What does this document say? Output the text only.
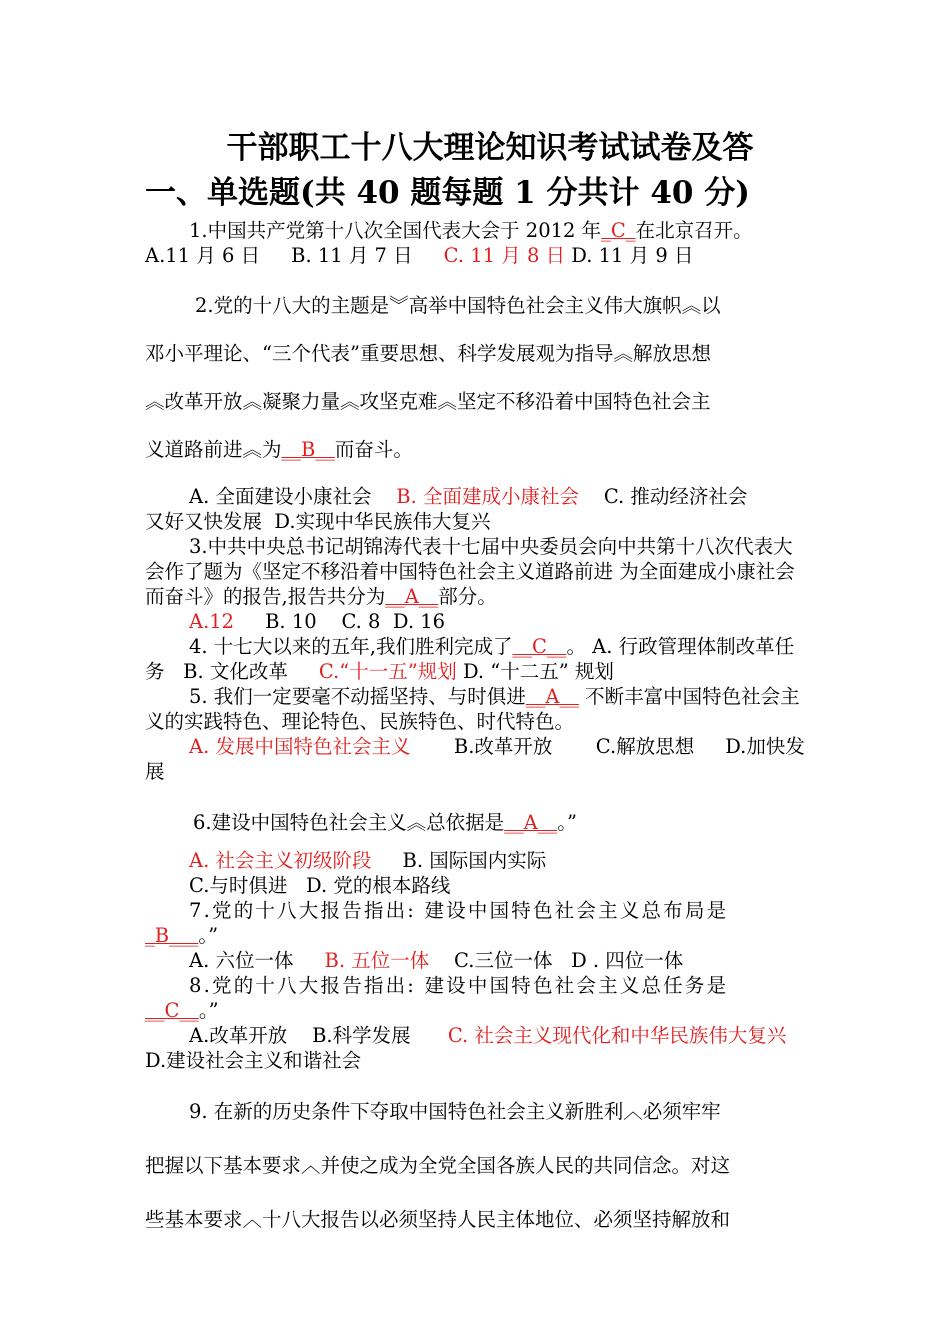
干部职工十八大理论知识考试试卷及答
一、单选题(共 40 题每题 1 分共计 40 分)

1.中国共产党第十八次全国代表大会于 2012 年_C_在北京召开。

A.11 月 6 日 B. 11 月 7 日 C. 11 月 8 日 D. 11 月 9 日

2.党的十八大的主题是︾高举中国特色社会主义伟大旗帜︽以

邓小平理论、“三个代表”重要思想、科学发展观为指导︽解放思想

︽改革开放︽凝聚力量︽攻坚克难︽坚定不移沿着中国特色社会主

义道路前进︽为__B__而奋斗。

A. 全面建设小康社会 B. 全面建成小康社会 C. 推动经济社会

又好又快发展 D.实现中华民族伟大复兴

3.中共中央总书记胡锦涛代表十七届中央委员会向中共第十八次代表大会作了题为《坚定不移沿着中国特色社会主义道路前进 为全面建成小康社会而奋斗》的报告,报告共分为__A__部分。

A.12 B. 10 C. 8 D. 16

4. 十七大以来的五年,我们胜利完成了__C__。 A. 行政管理体制改革任务 B. 文化改革 C.“十一五”规划 D. “十二五” 规划

5. 我们一定要毫不动摇坚持、与时俱进__A__ 不断丰富中国特色社会主义的实践特色、理论特色、民族特色、时代特色。

A. 发展中国特色社会主义 B.改革开放 C.解放思想 D.加快发展

6.建设中国特色社会主义︽总依据是__A__。”

A. 社会主义初级阶段 B. 国际国内实际

C.与时俱进 D. 党的根本路线

7.党的十八大报告指出: 建设中国特色社会主义总布局是

_B___。”

A. 六位一体 B. 五位一体 C.三位一体 D . 四位一体

8.党的十八大报告指出: 建设中国特色社会主义总任务是

__C__。”

A.改革开放 B.科学发展 C. 社会主义现代化和中华民族伟大复兴   D.建设社会主义和谐社会

9. 在新的历史条件下夺取中国特色社会主义新胜利︿必须牢牢

把握以下基本要求︿并使之成为全党全国各族人民的共同信念。对这

些基本要求︿十八大报告以必须坚持人民主体地位、必须坚持解放和
